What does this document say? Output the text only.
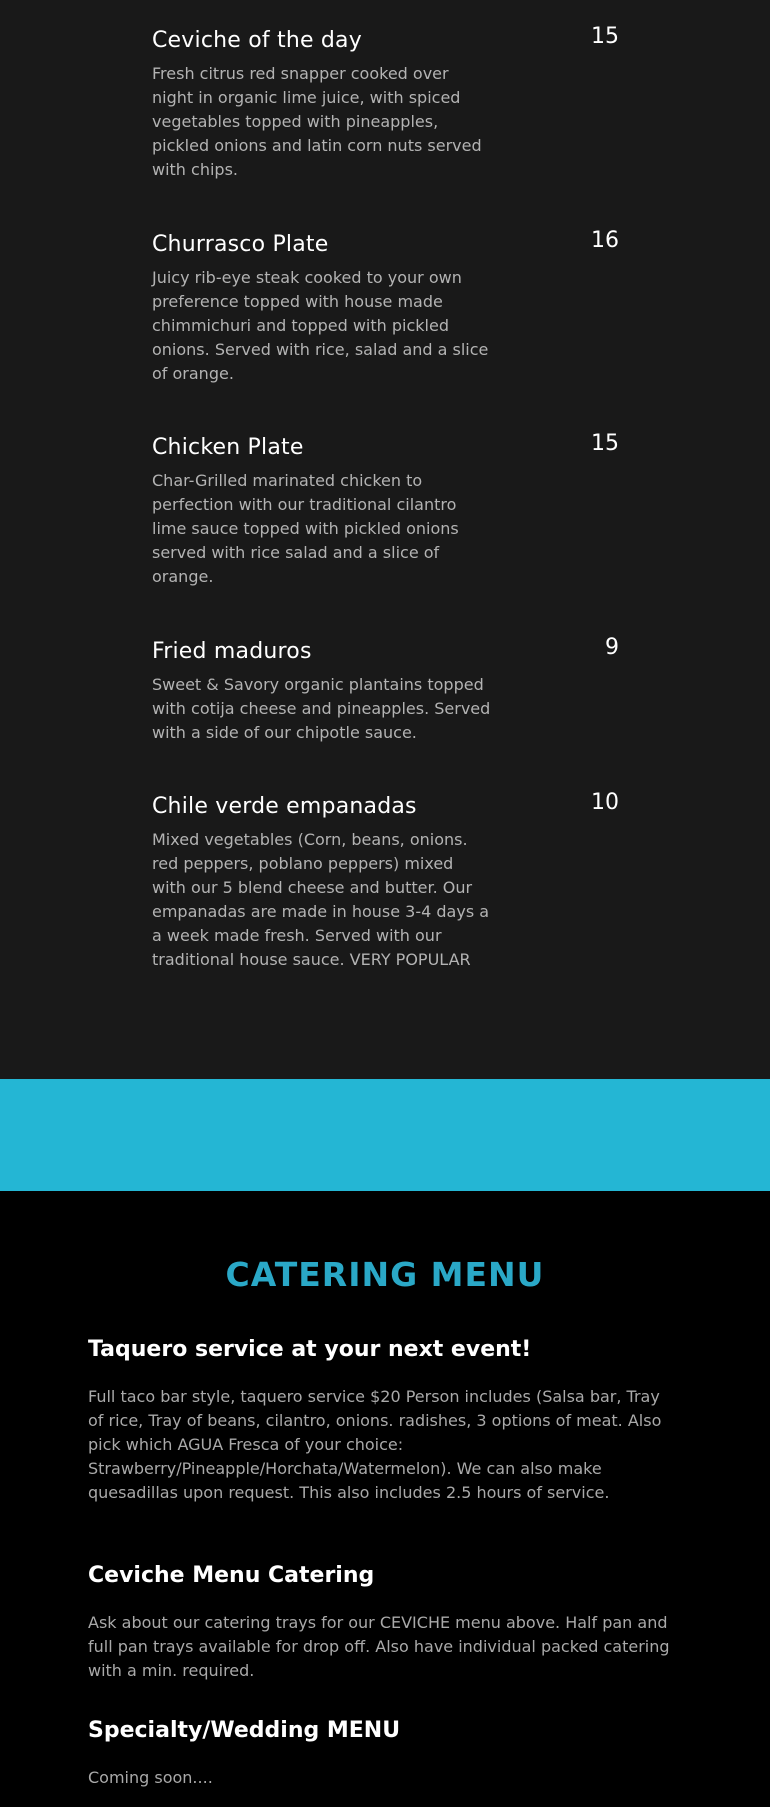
Ceviche of the day	15

Fresh citrus red snapper cooked over night in organic lime juice, with spiced vegetables topped with pineapples, pickled onions and latin corn nuts served with chips.

Churrasco Plate	16

Juicy rib-eye steak cooked to your own preference topped with house made chimmichuri and topped with pickled onions. Served with rice, salad and a slice of orange.

Chicken Plate	15

Char-Grilled marinated chicken to perfection with our traditional cilantro lime sauce topped with pickled onions served with rice salad and a slice of orange.

Fried maduros	9

Sweet & Savory organic plantains topped with cotija cheese and pineapples. Served with a side of our chipotle sauce.

Chile verde empanadas	10

Mixed vegetables (Corn, beans, onions. red peppers, poblano peppers) mixed with our 5 blend cheese and butter. Our empanadas are made in house 3-4 days a a week made fresh. Served with our traditional house sauce. VERY POPULAR

CATERING MENU
Taquero service at your next event!

Full taco bar style, taquero service $20 Person includes (Salsa bar, Tray of rice, Tray of beans, cilantro, onions. radishes, 3 options of meat. Also pick which AGUA Fresca of your choice: Strawberry/Pineapple/Horchata/Watermelon). We can also make quesadillas upon request. This also includes 2.5 hours of service.

Ceviche Menu Catering

Ask about our catering trays for our CEVICHE menu above. Half pan and full pan trays available for drop off. Also have individual packed catering with a min. required.

Specialty/Wedding MENU

Coming soon....
